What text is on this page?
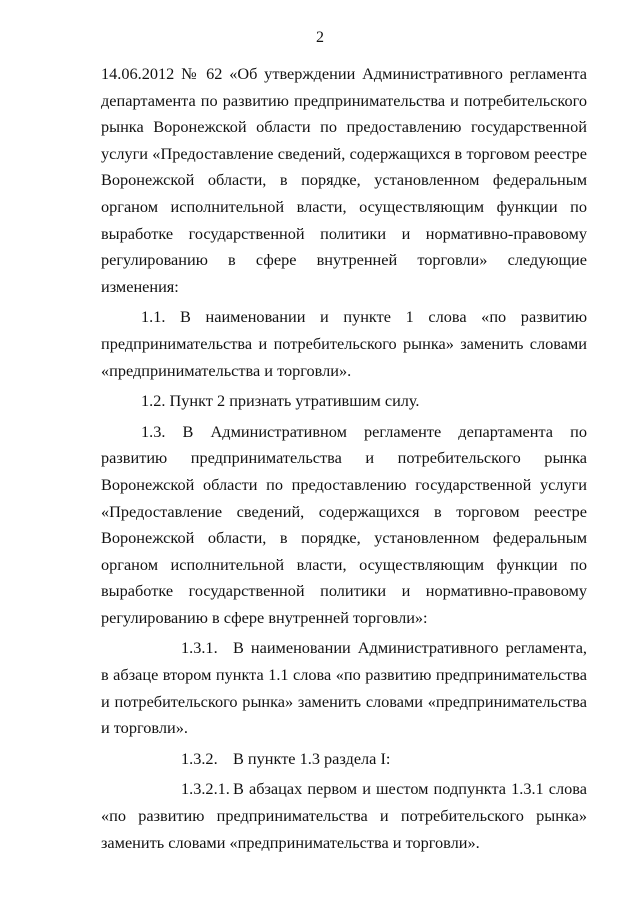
2

14.06.2012 № 62 «Об утверждении Административного регламента департамента по развитию предпринимательства и потребительского рынка Воронежской области по предоставлению государственной услуги «Предоставление сведений, содержащихся в торговом реестре Воронежской области, в порядке, установленном федеральным органом исполнительной власти, осуществляющим функции по выработке государственной политики и нормативно-правовому регулированию в сфере внутренней торговли» следующие изменения:

1.1. В наименовании и пункте 1 слова «по развитию предпринимательства и потребительского рынка» заменить словами «предпринимательства и торговли».

1.2. Пункт 2 признать утратившим силу.

1.3. В Административном регламенте департамента по развитию предпринимательства и потребительского рынка Воронежской области по предоставлению государственной услуги «Предоставление сведений, содержащихся в торговом реестре Воронежской области, в порядке, установленном федеральным органом исполнительной власти, осуществляющим функции по выработке государственной политики и нормативно-правовому регулированию в сфере внутренней торговли»:

1.3.1. В наименовании Административного регламента, в абзаце втором пункта 1.1 слова «по развитию предпринимательства и потребительского рынка» заменить словами «предпринимательства и торговли».

1.3.2. В пункте 1.3 раздела I:

1.3.2.1. В абзацах первом и шестом подпункта 1.3.1 слова «по развитию предпринимательства и потребительского рынка» заменить словами «предпринимательства и торговли».
